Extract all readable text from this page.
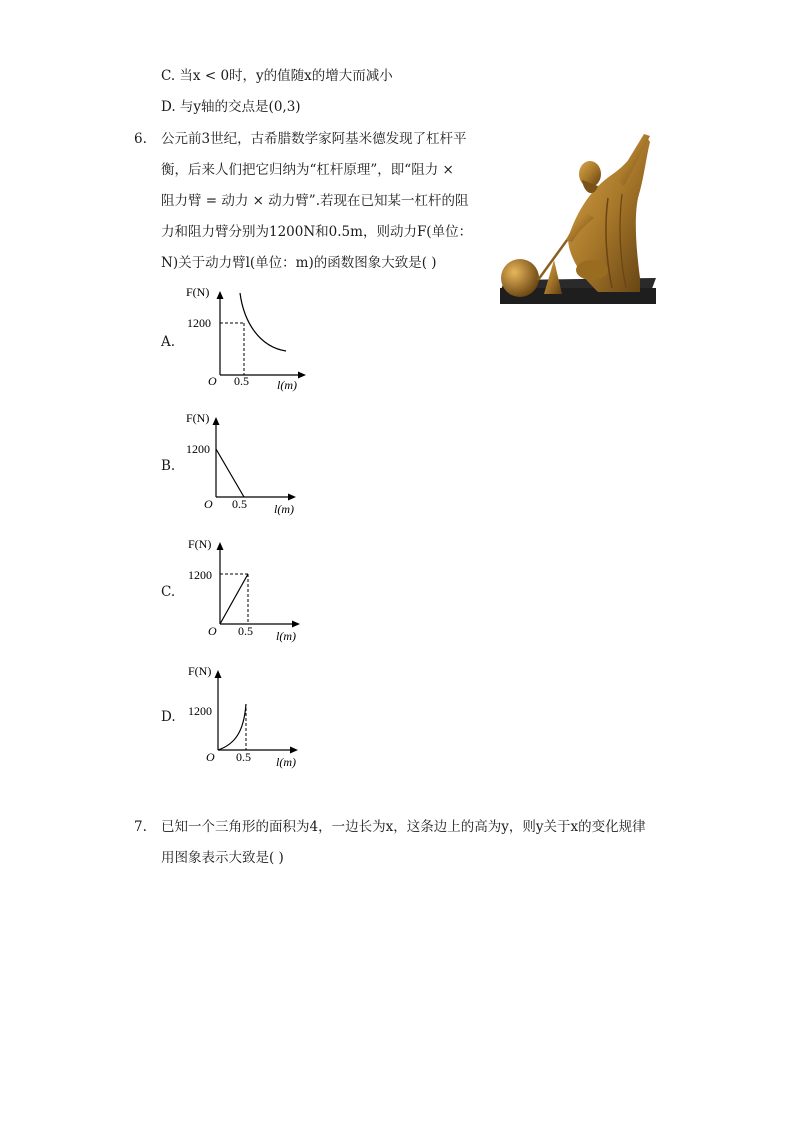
C. 当x < 0时，y的值随x的增大而减小
D. 与y轴的交点是(0,3)
6. 公元前3世纪，古希腊数学家阿基米德发现了杠杆平
衡，后来人们把它归纳为“杠杆原理”，即“阻力 ×
阻力臂 = 动力 × 动力臂”.若现在已知某一杠杆的阻
力和阻力臂分别为1200N和0.5m，则动力F(单位：
N)关于动力臂l(单位：m)的函数图象大致是( )
A.
F(N)
1200
O 0.5 l(m)
B.
F(N)
1200
O 0.5 l(m)
C.
F(N)
1200
O 0.5 l(m)
D.
F(N)
1200
O 0.5 l(m)
7. 已知一个三角形的面积为4，一边长为x，这条边上的高为y，则y关于x的变化规律
用图象表示大致是( )
